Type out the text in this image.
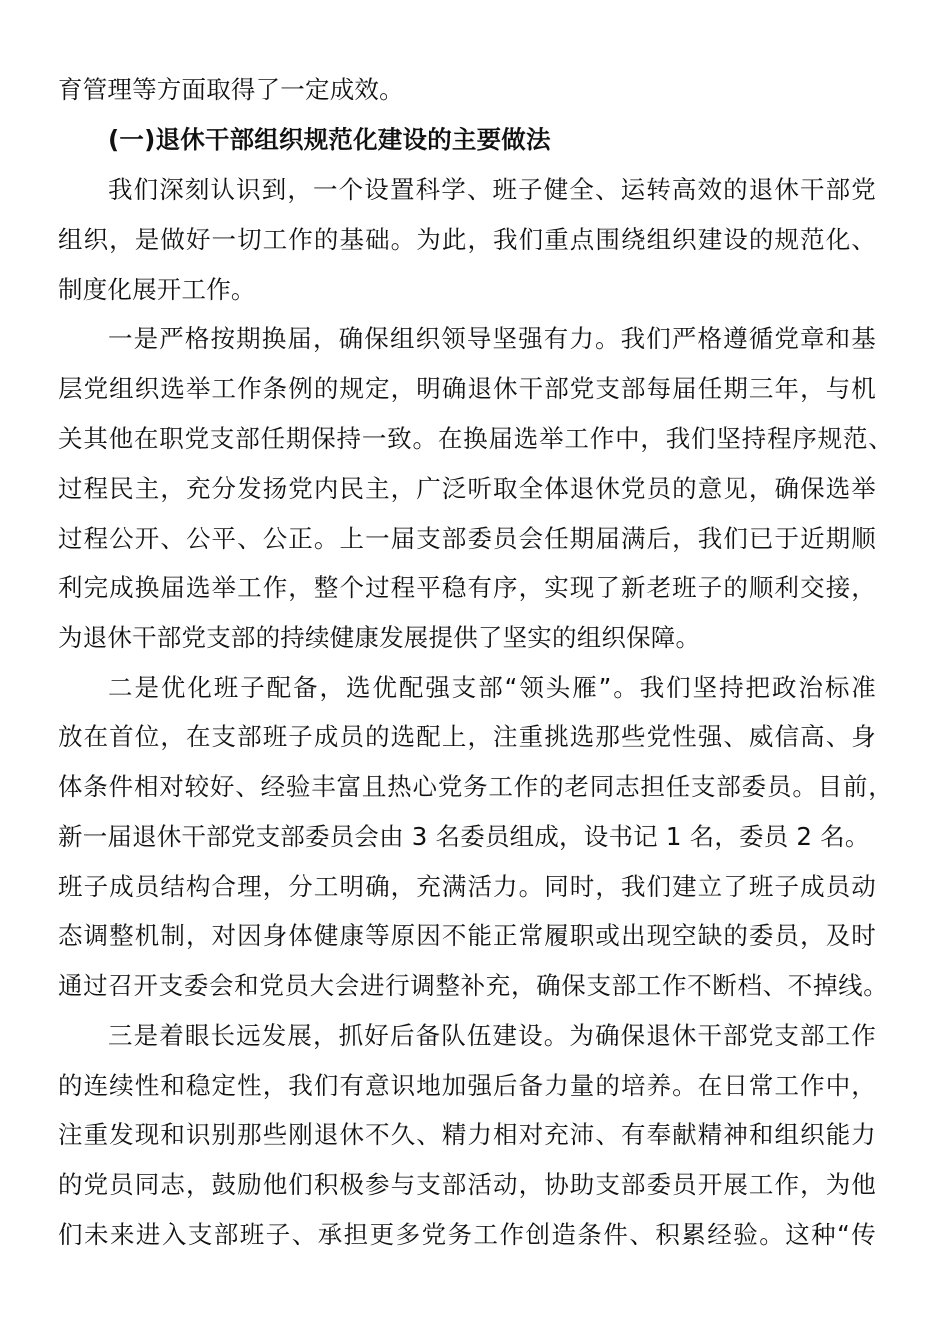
育管理等方面取得了一定成效。
(一)退休干部组织规范化建设的主要做法
我们深刻认识到，一个设置科学、班子健全、运转高效的退休干部党
组织，是做好一切工作的基础。为此，我们重点围绕组织建设的规范化、
制度化展开工作。
一是严格按期换届，确保组织领导坚强有力。我们严格遵循党章和基
层党组织选举工作条例的规定，明确退休干部党支部每届任期三年，与机
关其他在职党支部任期保持一致。在换届选举工作中，我们坚持程序规范、
过程民主，充分发扬党内民主，广泛听取全体退休党员的意见，确保选举
过程公开、公平、公正。上一届支部委员会任期届满后，我们已于近期顺
利完成换届选举工作，整个过程平稳有序，实现了新老班子的顺利交接，
为退休干部党支部的持续健康发展提供了坚实的组织保障。
二是优化班子配备，选优配强支部“领头雁”。我们坚持把政治标准
放在首位，在支部班子成员的选配上，注重挑选那些党性强、威信高、身
体条件相对较好、经验丰富且热心党务工作的老同志担任支部委员。目前，
新一届退休干部党支部委员会由 3 名委员组成，设书记 1 名，委员 2 名。
班子成员结构合理，分工明确，充满活力。同时，我们建立了班子成员动
态调整机制，对因身体健康等原因不能正常履职或出现空缺的委员，及时
通过召开支委会和党员大会进行调整补充，确保支部工作不断档、不掉线。
三是着眼长远发展，抓好后备队伍建设。为确保退休干部党支部工作
的连续性和稳定性，我们有意识地加强后备力量的培养。在日常工作中，
注重发现和识别那些刚退休不久、精力相对充沛、有奉献精神和组织能力
的党员同志，鼓励他们积极参与支部活动，协助支部委员开展工作，为他
们未来进入支部班子、承担更多党务工作创造条件、积累经验。这种“传
